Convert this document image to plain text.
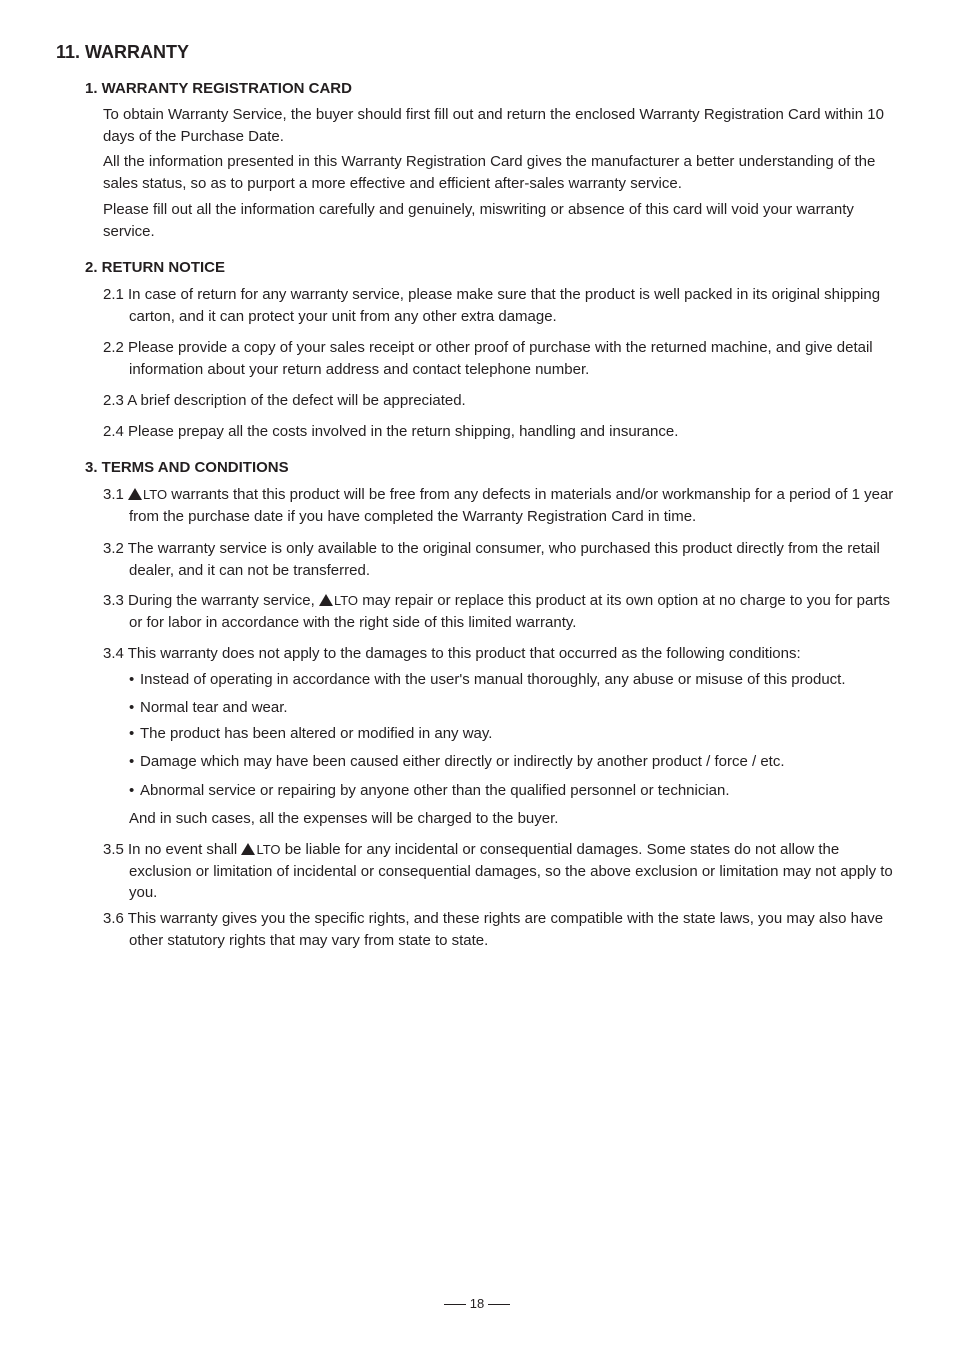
11. WARRANTY
1. WARRANTY REGISTRATION CARD

To obtain Warranty Service, the buyer should first fill out and return the enclosed Warranty Registration Card within 10 days of the Purchase Date.

All the information presented in this Warranty Registration Card gives the manufacturer a better understanding of the sales status, so as to purport a more effective and efficient after-sales warranty service.

Please fill out all the information carefully and genuinely, miswriting or absence of this card will void your warranty service.

2. RETURN NOTICE

2.1 In case of return for any warranty service, please make sure that the product is well packed in its original shipping carton, and it can protect your unit from any other extra damage.

2.2 Please provide a copy of your sales receipt or other proof of purchase with the returned machine, and give detail information about your return address and contact telephone number.

2.3 A brief description of the defect will be appreciated.

2.4 Please prepay all the costs involved in the return shipping, handling and insurance.

3. TERMS AND CONDITIONS

3.1 LTO warrants that this product will be free from any defects in materials and/or workmanship for a period of 1 year from the purchase date if you have completed the Warranty Registration Card in time.

3.2 The warranty service is only available to the original consumer, who purchased this product directly from the retail dealer, and it can not be transferred.

3.3 During the warranty service, LTO may repair or replace this product at its own option at no charge to you for parts or for labor in accordance with the right side of this limited warranty.

3.4 This warranty does not apply to the damages to this product that occurred as the following conditions:

• Instead of operating in accordance with the user's manual thoroughly, any abuse or misuse of this product.

• Normal tear and wear.

• The product has been altered or modified in any way.

• Damage which may have been caused either directly or indirectly by another product / force / etc.

• Abnormal service or repairing by anyone other than the qualified personnel or technician.

And in such cases, all the expenses will be charged to the buyer.

3.5 In no event shall LTO be liable for any incidental or consequential damages. Some states do not allow the exclusion or limitation of incidental or consequential damages, so the above exclusion or limitation may not apply to you.

3.6 This warranty gives you the specific rights, and these rights are compatible with the state laws, you may also have other statutory rights that may vary from state to state.

18
